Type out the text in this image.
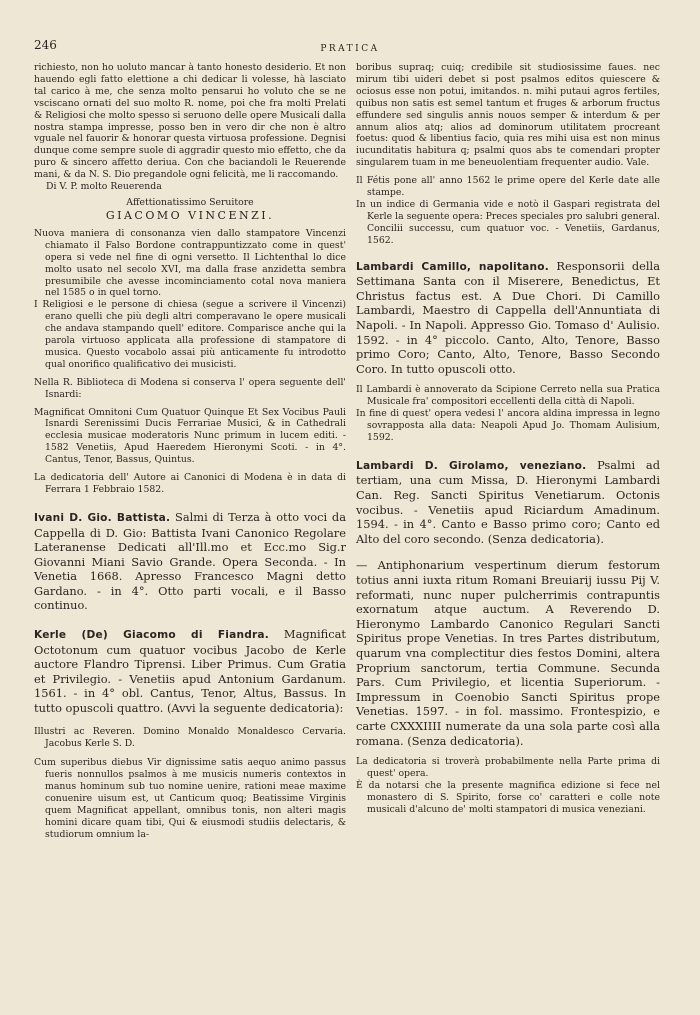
246	PRATICA

richiesto, non ho uoluto mancar à tanto honesto desiderio. Et non hauendo egli fatto elettione a chi dedicar li volesse, hà lasciato tal carico à me, che senza molto pensarui ho voluto che se ne vsciscano ornati del suo molto R. nome, poi che fra molti Prelati & Religiosi che molto spesso si seruono delle opere Musicali dalla nostra stampa impresse, posso ben in vero dir che non è altro vguale nel fauorir & honorar questa virtuosa professione. Degnisi dunque come sempre suole di aggradir questo mio effetto, che da puro & sincero affetto deriua. Con che baciandoli le Reuerende mani, & da N. S. Dio pregandole ogni felicità, me li raccomando.

Di V. P. molto Reuerenda

Affettionatissimo Seruitore

GIACOMO VINCENZI.

Nuova maniera di consonanza vien dallo stampatore Vincenzi chiamato il Falso Bordone contrappuntizzato come in quest' opera si vede nel fine di ogni versetto. Il Lichtenthal lo dice molto usato nel secolo XVI, ma dalla frase anzidetta sembra presumibile che avesse incominciamento cotal nova maniera nel 1585 o in quel torno.

I Religiosi e le persone di chiesa (segue a scrivere il Vincenzi) erano quelli che più degli altri comperavano le opere musicali che andava stampando quell' editore. Comparisce anche qui la parola virtuoso applicata alla professione di stampatore di musica. Questo vocabolo assai più anticamente fu introdotto qual onorifico qualificativo dei musicisti.

Nella R. Biblioteca di Modena si conserva l' opera seguente dell' Isnardi:

Magnificat Omnitoni Cum Quatuor Quinque Et Sex Vocibus Pauli Isnardi Serenissimi Ducis Ferrariae Musici, & in Cathedrali ecclesia musicae moderatoris Nunc primum in lucem editi. - 1582 Venetiis, Apud Haeredem Hieronymi Scoti. - in 4°. Cantus, Tenor, Bassus, Quintus.

La dedicatoria dell' Autore ai Canonici di Modena è in data di Ferrara 1 Febbraio 1582.

Ivani D. Gio. Battista. Salmi di Terza à otto voci da Cappella di D. Gio: Battista Ivani Canonico Regolare Lateranense Dedicati all'Ill.mo et Ecc.mo Sig.r Giovanni Miani Savio Grande. Opera Seconda. - In Venetia 1668. Apresso Francesco Magni detto Gardano. - in 4°. Otto parti vocali, e il Basso continuo.

Kerle (De) Giacomo di Fiandra. Magnificat Octotonum cum quatuor vocibus Jacobo de Kerle auctore Flandro Tiprensi. Liber Primus. Cum Gratia et Privilegio. - Venetiis apud Antonium Gardanum. 1561. - in 4° obl. Cantus, Tenor, Altus, Bassus. In tutto opuscoli quattro. (Avvi la seguente dedicatoria):

Illustri ac Reveren. Domino Monaldo Monaldesco Cervaria. Jacobus Kerle S. D.

Cum superibus diebus Vir dignissime satis aequo animo passus fueris nonnullos psalmos à me musicis numeris contextos in manus hominum sub tuo nomine uenire, rationi meae maxime conuenire uisum est, ut Canticum quoq; Beatissime Virginis quem Magnificat appellant, omnibus tonis, non alteri magis homini dicare quam tibi, Qui & eiusmodi studiis delectaris, & studiorum omnium la-

boribus supraq; cuiq; credibile sit studiosissime faues. nec mirum tibi uideri debet si post psalmos editos quiescere & ociosus esse non potui, imitandos. n. mihi putaui agros fertiles, quibus non satis est semel tantum et fruges & arborum fructus effundere sed singulis annis nouos semper & interdum & per annum alios atq; alios ad dominorum utilitatem procreant foetus: quod & libentius facio, quia res mihi uisa est non minus iucunditatis habitura q; psalmi quos abs te comendari propter singularem tuam in me beneuolentiam frequenter audio. Vale.

Il Fétis pone all' anno 1562 le prime opere del Kerle date alle stampe.

In un indice di Germania vide e notò il Gaspari registrata del Kerle la seguente opera: Preces speciales pro salubri general. Concilii successu, cum quatuor voc. - Venetiis, Gardanus, 1562.

Lambardi Camillo, napolitano. Responsorii della Settimana Santa con il Miserere, Benedictus, Et Christus factus est. A Due Chori. Di Camillo Lambardi, Maestro di Cappella dell'Annuntiata di Napoli. - In Napoli. Appresso Gio. Tomaso d' Aulisio. 1592. - in 4° piccolo. Canto, Alto, Tenore, Basso primo Coro; Canto, Alto, Tenore, Basso Secondo Coro. In tutto opuscoli otto.

Il Lambardi è annoverato da Scipione Cerreto nella sua Pratica Musicale fra' compositori eccellenti della città di Napoli.

In fine di quest' opera vedesi l' ancora aldina impressa in legno sovrapposta alla data: Neapoli Apud Jo. Thomam Aulisium, 1592.

Lambardi D. Girolamo, veneziano. Psalmi ad tertiam, una cum Missa, D. Hieronymi Lambardi Can. Reg. Sancti Spiritus Venetiarum. Octonis vocibus. - Venetiis apud Riciardum Amadinum. 1594. - in 4°. Canto e Basso primo coro; Canto ed Alto del coro secondo. (Senza dedicatoria).

— Antiphonarium vespertinum dierum festorum totius anni iuxta ritum Romani Breuiarij iussu Pij V. reformati, nunc nuper pulcherrimis contrapuntis exornatum atque auctum. A Reverendo D. Hieronymo Lambardo Canonico Regulari Sancti Spiritus prope Venetias. In tres Partes distributum, quarum vna complectitur dies festos Domini, altera Proprium sanctorum, tertia Commune. Secunda Pars. Cum Privilegio, et licentia Superiorum. - Impressum in Coenobio Sancti Spiritus prope Venetias. 1597. - in fol. massimo. Frontespizio, e carte CXXXIIII numerate da una sola parte così alla romana. (Senza dedicatoria).

La dedicatoria si troverà probabilmente nella Parte prima di quest' opera.

È da notarsi che la presente magnifica edizione si fece nel monastero di S. Spirito, forse co' caratteri e colle note musicali d'alcuno de' molti stampatori di musica veneziani.
